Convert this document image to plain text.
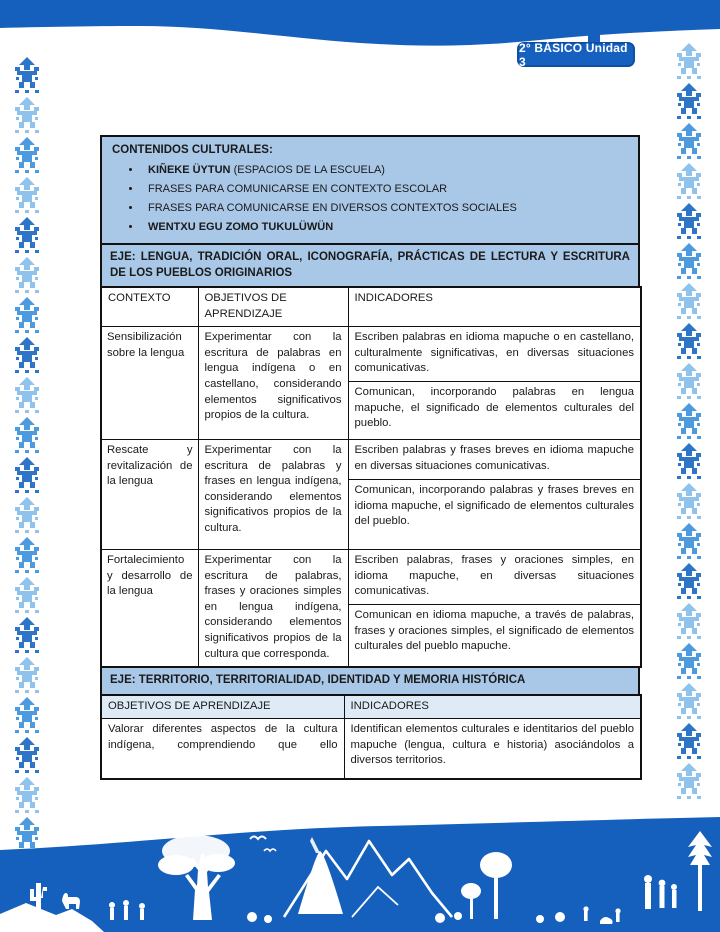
2° BÁSICO Unidad 3
CONTENIDOS CULTURALES:
• KIÑEKE ÜYTUN (ESPACIOS DE LA ESCUELA)
• FRASES PARA COMUNICARSE EN CONTEXTO ESCOLAR
• FRASES PARA COMUNICARSE EN DIVERSOS CONTEXTOS SOCIALES
• WENTXU EGU ZOMO TUKULÜWÜN
EJE: LENGUA, TRADICIÓN ORAL, ICONOGRAFÍA, PRÁCTICAS DE LECTURA Y ESCRITURA DE LOS PUEBLOS ORIGINARIOS
CONTEXTO	OBJETIVOS DE APRENDIZAJE	INDICADORES
Sensibilización sobre la lengua	Experimentar con la escritura de palabras en lengua indígena o en castellano, considerando elementos significativos propios de la cultura.	Escriben palabras en idioma mapuche o en castellano, culturalmente significativas, en diversas situaciones comunicativas.
		Comunican, incorporando palabras en lengua mapuche, el significado de elementos culturales del pueblo.
Rescate y revitalización de la lengua	Experimentar con la escritura de palabras y frases en lengua indígena, considerando elementos significativos propios de la cultura.	Escriben palabras y frases breves en idioma mapuche en diversas situaciones comunicativas.
		Comunican, incorporando palabras y frases breves en idioma mapuche, el significado de elementos culturales del pueblo.
Fortalecimiento y desarrollo de la lengua	Experimentar con la escritura de palabras, frases y oraciones simples en lengua indígena, considerando elementos significativos propios de la cultura que corresponda.	Escriben palabras, frases y oraciones simples, en idioma mapuche, en diversas situaciones comunicativas.
		Comunican en idioma mapuche, a través de palabras, frases y oraciones simples, el significado de elementos culturales del pueblo mapuche.
EJE: TERRITORIO, TERRITORIALIDAD, IDENTIDAD Y MEMORIA HISTÓRICA
OBJETIVOS DE APRENDIZAJE	INDICADORES
Valorar diferentes aspectos de la cultura indígena, comprendiendo que ello	Identifican elementos culturales e identitarios del pueblo mapuche (lengua, cultura e historia) asociándolos a diversos territorios.
